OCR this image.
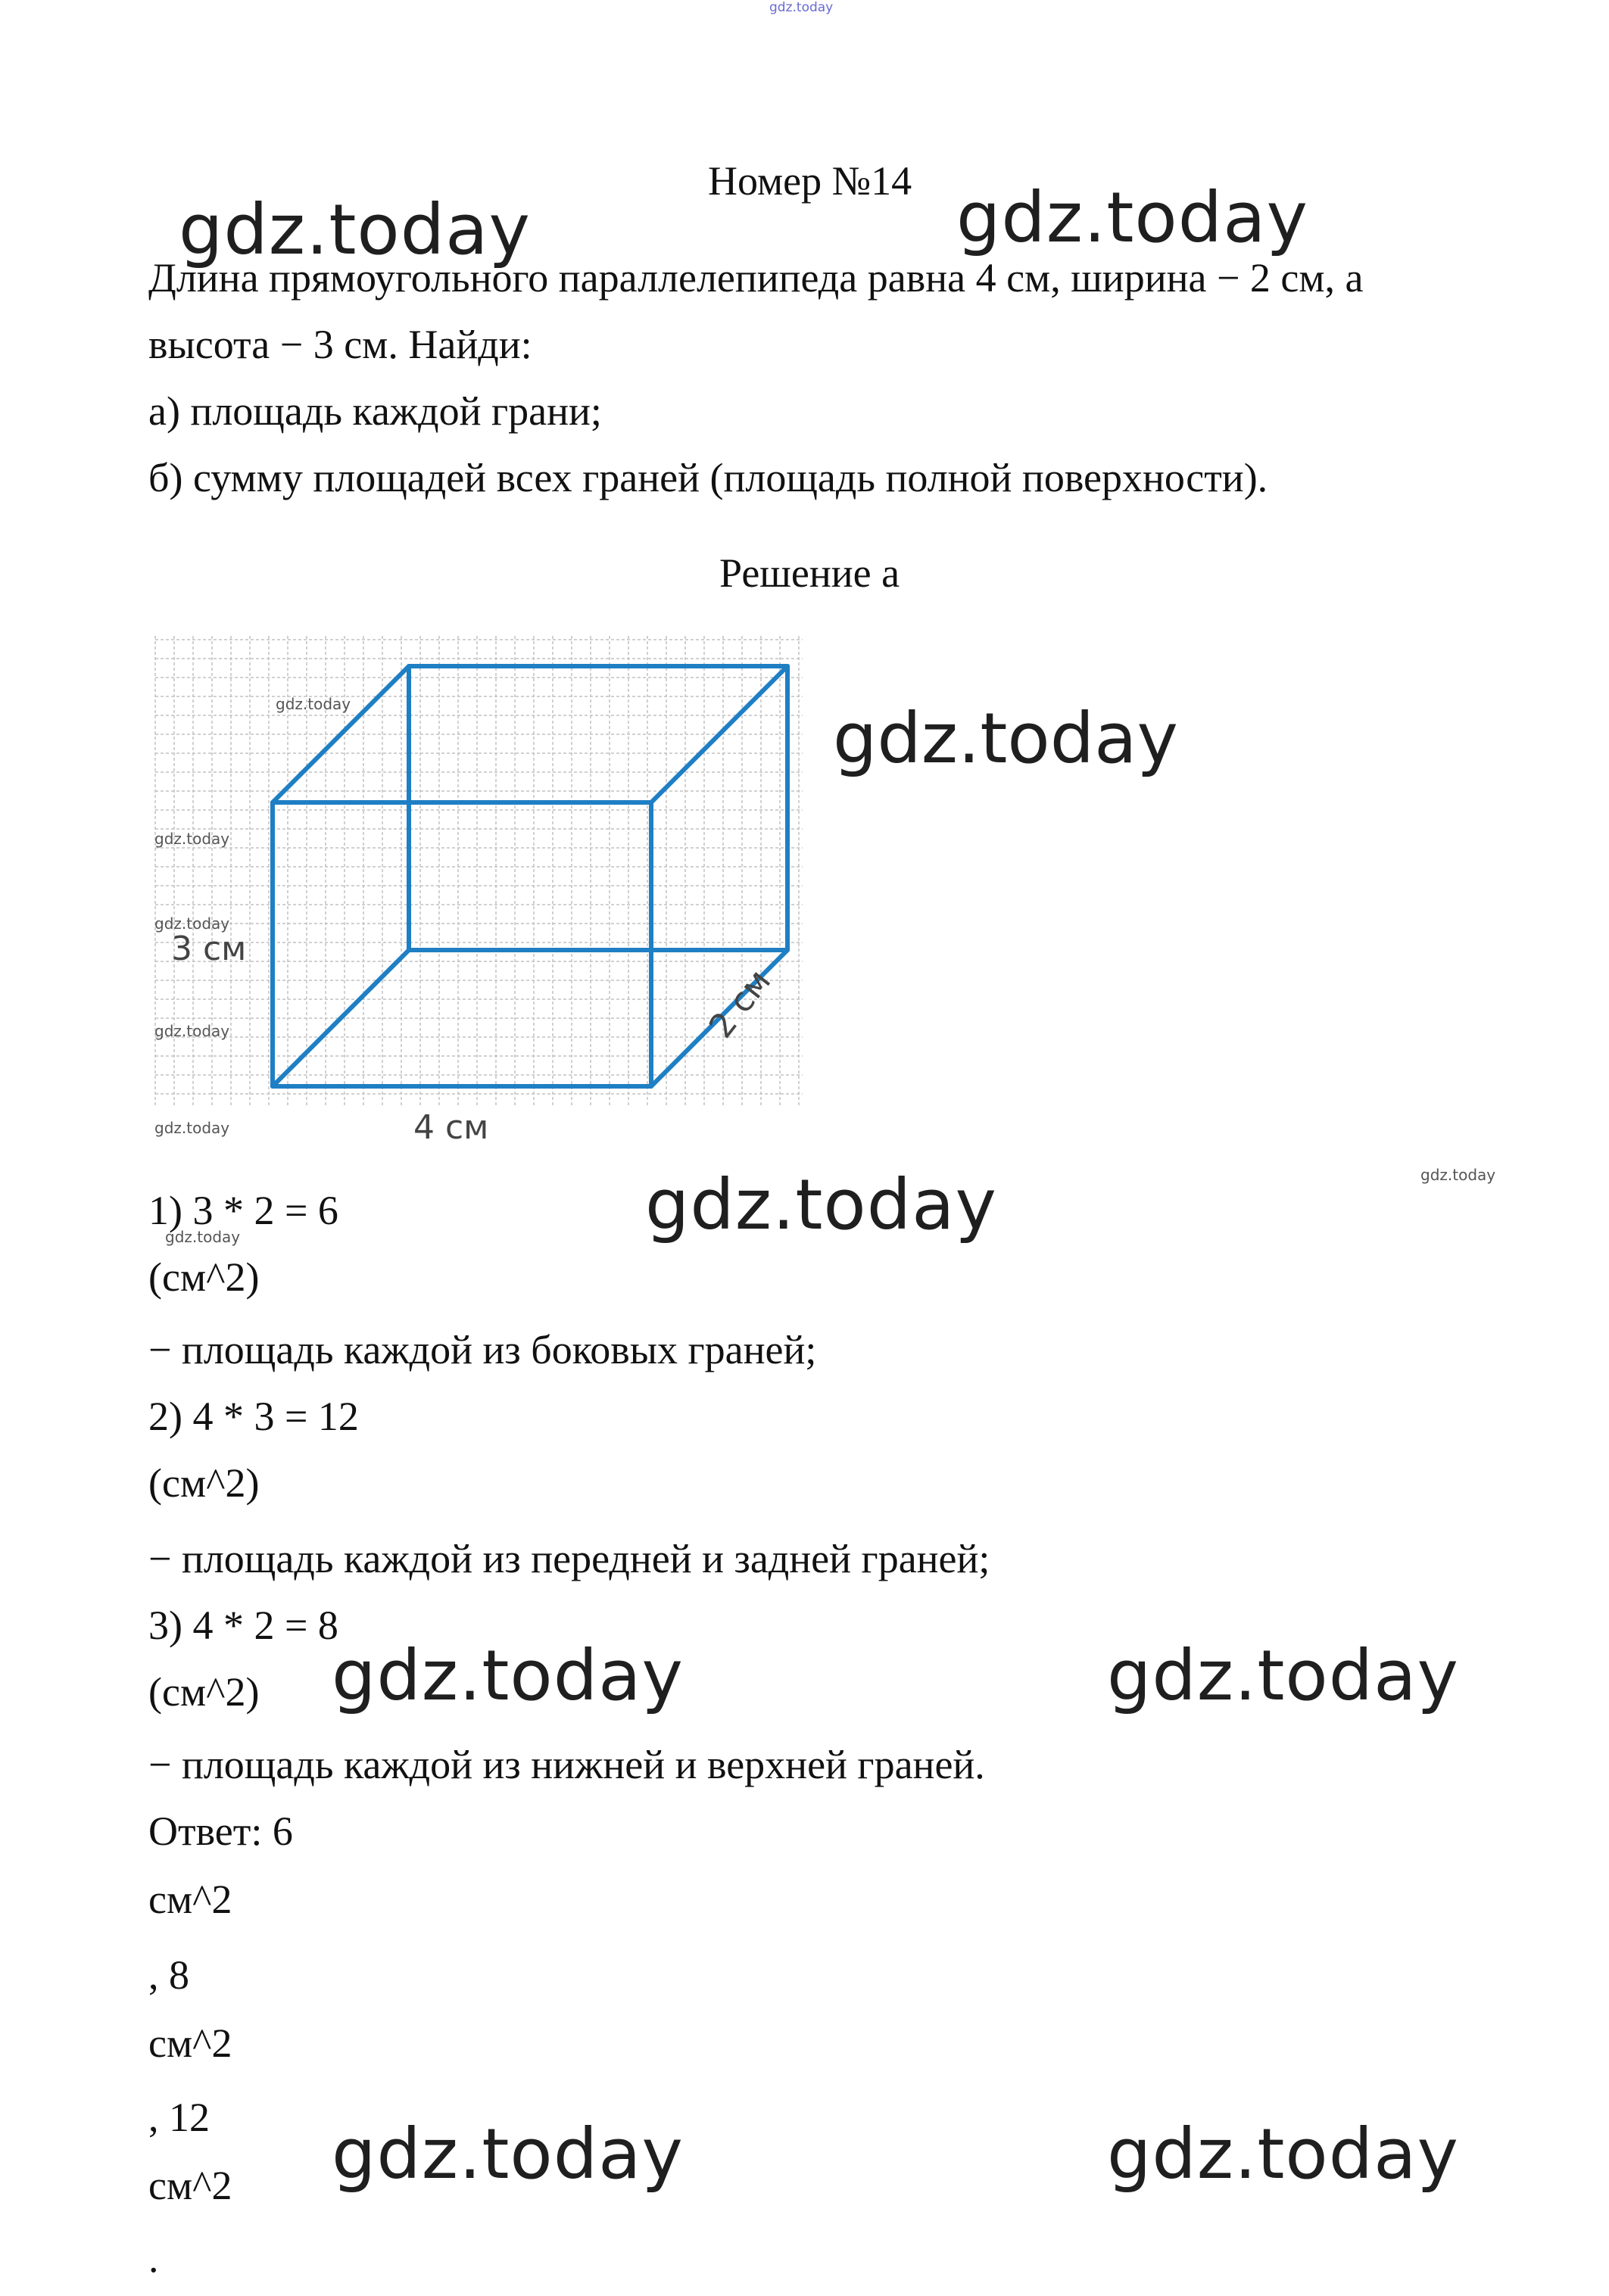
gdz.today
Номер №14
gdz.today	gdz.today
Длина прямоугольного параллелепипеда равна 4 см, ширина − 2 см, а
высота − 3 см. Найди:
а) площадь каждой грани;
б) сумму площадей всех граней (площадь полной поверхности).
Решение а
gdz.today
gdz.today
gdz.today
gdz.today
gdz.today
3 см
4 см
2 см
gdz.today
gdz.today
1) 3 * 2 = 6
gdz.today	gdz.today
(см^2)
− площадь каждой из боковых граней;
2) 4 * 3 = 12
(см^2)
− площадь каждой из передней и задней граней;
3) 4 * 2 = 8
(см^2) gdz.today	gdz.today
− площадь каждой из нижней и верхней граней.
Ответ: 6
см^2
, 8
см^2
, 12 gdz.today	gdz.today
см^2
.
